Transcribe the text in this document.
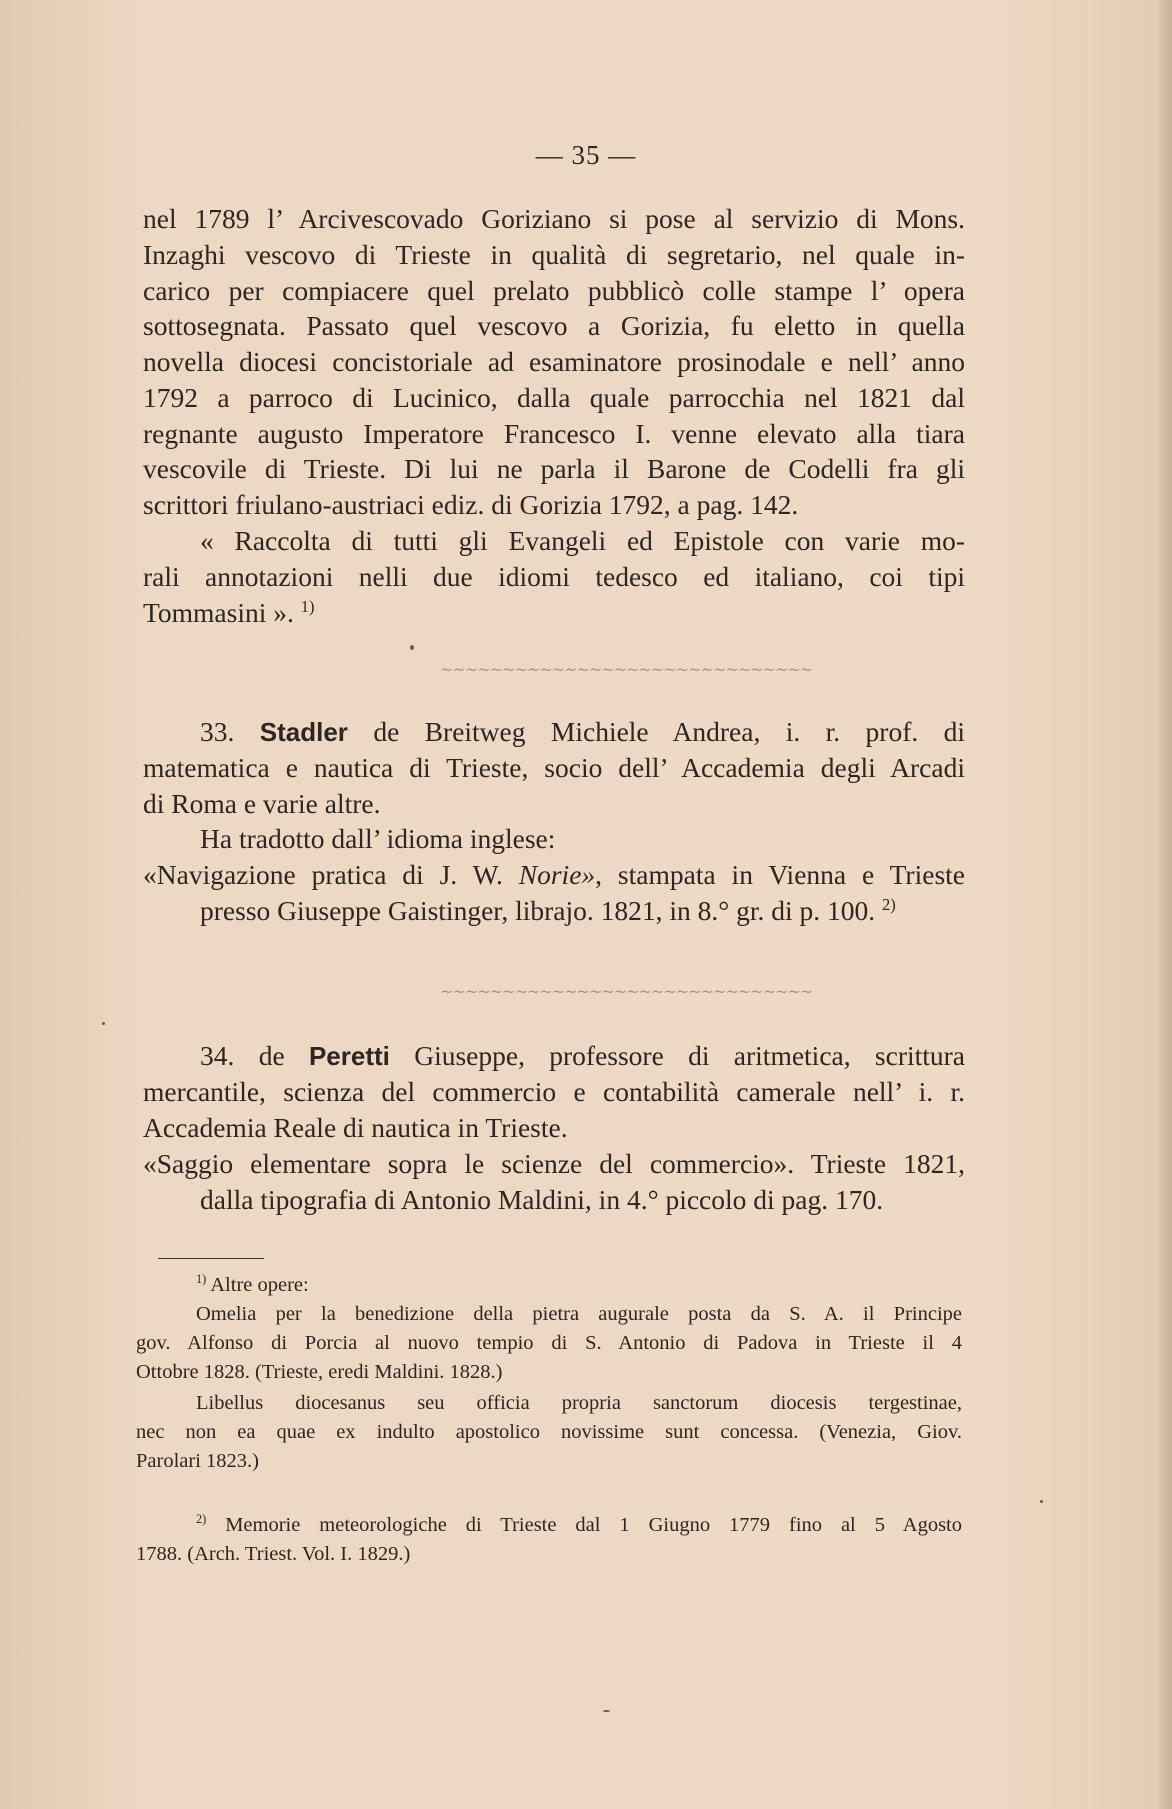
— 35 —
nel 1789 l’ Arcivescovado Goriziano si pose al servizio di Mons.
Inzaghi vescovo di Trieste in qualità di segretario, nel quale in-
carico per compiacere quel prelato pubblicò colle stampe l’ opera
sottosegnata. Passato quel vescovo a Gorizia, fu eletto in quella
novella diocesi concistoriale ad esaminatore prosinodale e nell’ anno
1792 a parroco di Lucinico, dalla quale parrocchia nel 1821 dal
regnante augusto Imperatore Francesco I. venne elevato alla tiara
vescovile di Trieste. Di lui ne parla il Barone de Codelli fra gli
scrittori friulano-austriaci ediz. di Gorizia 1792, a pag. 142.
« Raccolta di tutti gli Evangeli ed Epistole con varie mo-
rali annotazioni nelli due idiomi tedesco ed italiano, coi tipi
Tommasini ». $^{1)}$
~~~~~~~~~~~~~~~~~~~~~~~~~~~~~~
33. Stadler de Breitweg Michiele Andrea, i. r. prof. di
matematica e nautica di Trieste, socio dell’ Accademia degli Arcadi
di Roma e varie altre.
Ha tradotto dall’ idioma inglese:
«Navigazione pratica di J. W. Norie», stampata in Vienna e Trieste
presso Giuseppe Gaistinger, librajo. 1821, in 8.° gr. di p. 100. $^{2)}$
~~~~~~~~~~~~~~~~~~~~~~~~~~~~~~
34. de Peretti Giuseppe, professore di aritmetica, scrittura
mercantile, scienza del commercio e contabilità camerale nell’ i. r.
Accademia Reale di nautica in Trieste.
«Saggio elementare sopra le scienze del commercio». Trieste 1821,
dalla tipografia di Antonio Maldini, in 4.° piccolo di pag. 170.
$^{1)}$ Altre opere:
Omelia per la benedizione della pietra augurale posta da S. A. il Principe
gov. Alfonso di Porcia al nuovo tempio di S. Antonio di Padova in Trieste il 4
Ottobre 1828. (Trieste, eredi Maldini. 1828.)
Libellus diocesanus seu officia propria sanctorum diocesis tergestinae,
nec non ea quae ex indulto apostolico novissime sunt concessa. (Venezia, Giov.
Parolari 1823.)
$^{2)}$ Memorie meteorologiche di Trieste dal 1 Giugno 1779 fino al 5 Agosto
1788. (Arch. Triest. Vol. I. 1829.)
